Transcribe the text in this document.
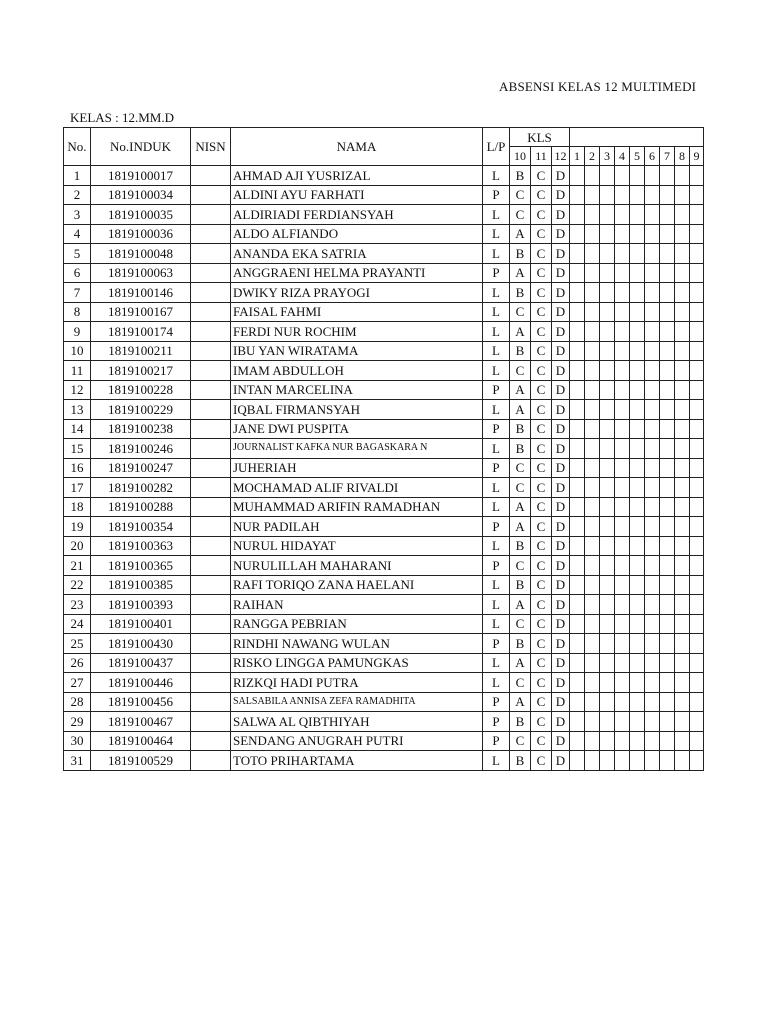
ABSENSI KELAS 12 MULTIMEDI
KELAS : 12.MM.D
No.	No.INDUK	NISN	NAMA	L/P	KLS											
					10	11	12	1	2	3	4	5	6	7	8	9
1	1819100017		AHMAD AJI YUSRIZAL	L	B	C	D									
2	1819100034		ALDINI AYU FARHATI	P	C	C	D									
3	1819100035		ALDIRIADI FERDIANSYAH	L	C	C	D									
4	1819100036		ALDO ALFIANDO	L	A	C	D									
5	1819100048		ANANDA EKA SATRIA	L	B	C	D									
6	1819100063		ANGGRAENI HELMA PRAYANTI	P	A	C	D									
7	1819100146		DWIKY RIZA PRAYOGI	L	B	C	D									
8	1819100167		FAISAL FAHMI	L	C	C	D									
9	1819100174		FERDI NUR ROCHIM	L	A	C	D									
10	1819100211		IBU YAN WIRATAMA	L	B	C	D									
11	1819100217		IMAM ABDULLOH	L	C	C	D									
12	1819100228		INTAN MARCELINA	P	A	C	D									
13	1819100229		IQBAL FIRMANSYAH	L	A	C	D									
14	1819100238		JANE DWI PUSPITA	P	B	C	D									
15	1819100246		JOURNALIST KAFKA NUR BAGASKARA N	L	B	C	D									
16	1819100247		JUHERIAH	P	C	C	D									
17	1819100282		MOCHAMAD ALIF RIVALDI	L	C	C	D									
18	1819100288		MUHAMMAD ARIFIN RAMADHAN	L	A	C	D									
19	1819100354		NUR PADILAH	P	A	C	D									
20	1819100363		NURUL HIDAYAT	L	B	C	D									
21	1819100365		NURULILLAH MAHARANI	P	C	C	D									
22	1819100385		RAFI TORIQO ZANA HAELANI	L	B	C	D									
23	1819100393		RAIHAN	L	A	C	D									
24	1819100401		RANGGA PEBRIAN	L	C	C	D									
25	1819100430		RINDHI NAWANG WULAN	P	B	C	D									
26	1819100437		RISKO LINGGA PAMUNGKAS	L	A	C	D									
27	1819100446		RIZKQI HADI PUTRA	L	C	C	D									
28	1819100456		SALSABILA ANNISA ZEFA RAMADHITA	P	A	C	D									
29	1819100467		SALWA AL QIBTHIYAH	P	B	C	D									
30	1819100464		SENDANG ANUGRAH PUTRI	P	C	C	D									
31	1819100529		TOTO PRIHARTAMA	L	B	C	D									
